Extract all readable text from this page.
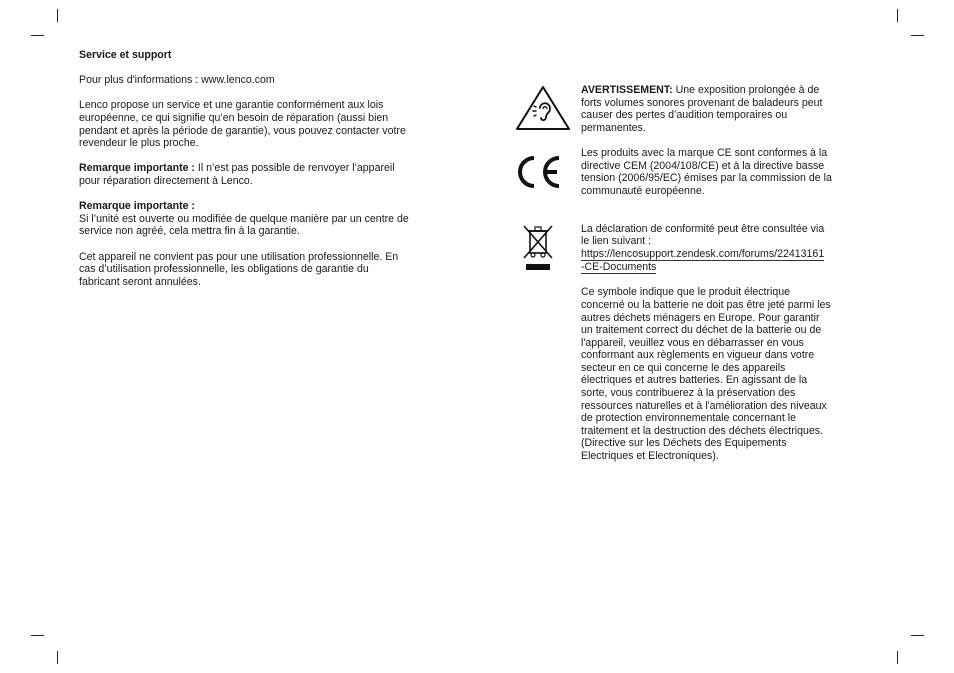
Service et support
Pour plus d'informations : www.lenco.com
Lenco propose un service et une garantie conformément aux lois
européenne, ce qui signifie qu’en besoin de réparation (aussi bien
pendant et après la période de garantie), vous pouvez contacter votre
revendeur le plus proche.
Remarque importante : Il n’est pas possible de renvoyer l’appareil
pour réparation directement à Lenco.
Remarque importante :
Si l’unité est ouverte ou modifiée de quelque manière par un centre de
service non agréé, cela mettra fin à la garantie.
Cet appareil ne convient pas pour une utilisation professionnelle. En
cas d’utilisation professionnelle, les obligations de garantie du
fabricant seront annulées.
AVERTISSEMENT: Une exposition prolongée à de
forts volumes sonores provenant de baladeurs peut
causer des pertes d’audition temporaires ou
permanentes.
Les produits avec la marque CE sont conformes à la
directive CEM (2004/108/CE) et à la directive basse
tension (2006/95/EC) émises par la commission de la
communauté européenne.
La déclaration de conformité peut être consultée via
le lien suivant :
https://lencosupport.zendesk.com/forums/22413161
-CE-Documents
Ce symbole indique que le produit électrique
concerné ou la batterie ne doit pas être jeté parmi les
autres déchets ménagers en Europe. Pour garantir
un traitement correct du déchet de la batterie ou de
l'appareil, veuillez vous en débarrasser en vous
conformant aux règlements en vigueur dans votre
secteur en ce qui concerne le des appareils
électriques et autres batteries. En agissant de la
sorte, vous contribuerez à la préservation des
ressources naturelles et à l'amélioration des niveaux
de protection environnementale concernant le
traitement et la destruction des déchets électriques.
(Directive sur les Déchets des Equipements
Electriques et Electroniques).
